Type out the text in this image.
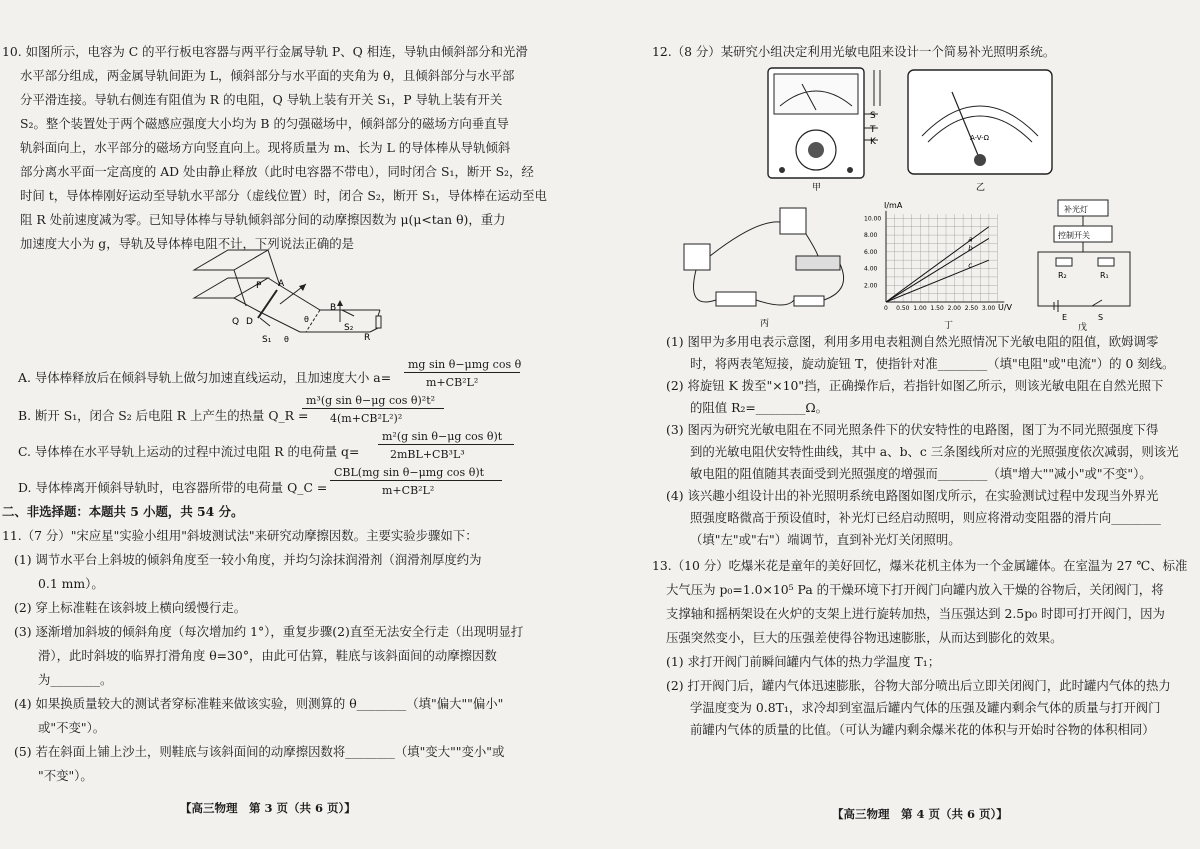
10. 如图所示，电容为 C 的平行板电容器与两平行金属导轨 P、Q 相连，导轨由倾斜部分和光滑
水平部分组成，两金属导轨间距为 L，倾斜部分与水平面的夹角为 θ，且倾斜部分与水平部
分平滑连接。导轨右侧连有阻值为 R 的电阻，Q 导轨上装有开关 S₁，P 导轨上装有开关
S₂。整个装置处于两个磁感应强度大小均为 B 的匀强磁场中，倾斜部分的磁场方向垂直导
轨斜面向上，水平部分的磁场方向竖直向上。现将质量为 m、长为 L 的导体棒从导轨倾斜
部分离水平面一定高度的 AD 处由静止释放（此时电容器不带电），同时闭合 S₁，断开 S₂，经
时间 t，导体棒刚好运动至导轨水平部分（虚线位置）时，闭合 S₂，断开 S₁，导体棒在运动至电
阻 R 处前速度减为零。已知导体棒与导轨倾斜部分间的动摩擦因数为 μ(μ<tan θ)，重力
加速度大小为 g，导轨及导体棒电阻不计，下列说法正确的是
P A
Q D
B
S₁
S₂
R
θ
θ
A. 导体棒释放后在倾斜导轨上做匀加速直线运动，且加速度大小 a=
mg sin θ−μmg cos θ
m+CB²L²
B. 断开 S₁，闭合 S₂ 后电阻 R 上产生的热量 Q_R =
m³(g sin θ−μg cos θ)²t²
4(m+CB²L²)²
C. 导体棒在水平导轨上运动的过程中流过电阻 R 的电荷量 q=
m²(g sin θ−μg cos θ)t
2mBL+CB³L³
D. 导体棒离开倾斜导轨时，电容器所带的电荷量 Q_C =
CBL(mg sin θ−μmg cos θ)t
m+CB²L²
二、非选择题：本题共 5 小题，共 54 分。
11.（7 分）"宋应星"实验小组用"斜坡测试法"来研究动摩擦因数。主要实验步骤如下：
(1) 调节水平台上斜坡的倾斜角度至一较小角度，并均匀涂抹润滑剂（润滑剂厚度约为
0.1 mm）。
(2) 穿上标准鞋在该斜坡上横向缓慢行走。
(3) 逐渐增加斜坡的倾斜角度（每次增加约 1°），重复步骤(2)直至无法安全行走（出现明显打
滑），此时斜坡的临界打滑角度 θ=30°，由此可估算，鞋底与该斜面间的动摩擦因数
为________。
(4) 如果换质量较大的测试者穿标准鞋来做该实验，则测算的 θ________（填"偏大""偏小"
或"不变"）。
(5) 若在斜面上铺上沙土，则鞋底与该斜面间的动摩擦因数将________（填"变大""变小"或
"不变"）。
【高三物理　第 3 页（共 6 页）】
12.（8 分）某研究小组决定利用光敏电阻来设计一个简易补光照明系统。
S
T
K
甲
A-V-Ω
乙
丙
0 0.50 1.00 1.50 2.00 2.50 3.00
2.00
4.00
6.00
8.00
10.00
a
b
c
I/mA
U/V
丁
补光灯
控制开关
R₂	R₁
E	S
戊
(1) 图甲为多用电表示意图，利用多用电表粗测自然光照情况下光敏电阻的阻值，欧姆调零
时，将两表笔短接，旋动旋钮 T，使指针对准________（填"电阻"或"电流"）的 0 刻线。
(2) 将旋钮 K 拨至"×10"挡，正确操作后，若指针如图乙所示，则该光敏电阻在自然光照下
的阻值 R₂=________Ω。
(3) 图丙为研究光敏电阻在不同光照条件下的伏安特性的电路图，图丁为不同光照强度下得
到的光敏电阻伏安特性曲线，其中 a、b、c 三条图线所对应的光照强度依次减弱，则该光
敏电阻的阻值随其表面受到光照强度的增强而________（填"增大""减小"或"不变"）。
(4) 该兴趣小组设计出的补光照明系统电路图如图戊所示，在实验测试过程中发现当外界光
照强度略微高于预设值时，补光灯已经启动照明，则应将滑动变阻器的滑片向________
（填"左"或"右"）端调节，直到补光灯关闭照明。
13.（10 分）吃爆米花是童年的美好回忆，爆米花机主体为一个金属罐体。在室温为 27 ℃、标准
大气压为 p₀=1.0×10⁵ Pa 的干燥环境下打开阀门向罐内放入干燥的谷物后，关闭阀门，将
支撑轴和摇柄架设在火炉的支架上进行旋转加热，当压强达到 2.5p₀ 时即可打开阀门，因为
压强突然变小，巨大的压强差使得谷物迅速膨胀，从而达到膨化的效果。
(1) 求打开阀门前瞬间罐内气体的热力学温度 T₁；
(2) 打开阀门后，罐内气体迅速膨胀，谷物大部分喷出后立即关闭阀门，此时罐内气体的热力
学温度变为 0.8T₁，求冷却到室温后罐内气体的压强及罐内剩余气体的质量与打开阀门
前罐内气体的质量的比值。（可认为罐内剩余爆米花的体积与开始时谷物的体积相同）
【高三物理　第 4 页（共 6 页）】
